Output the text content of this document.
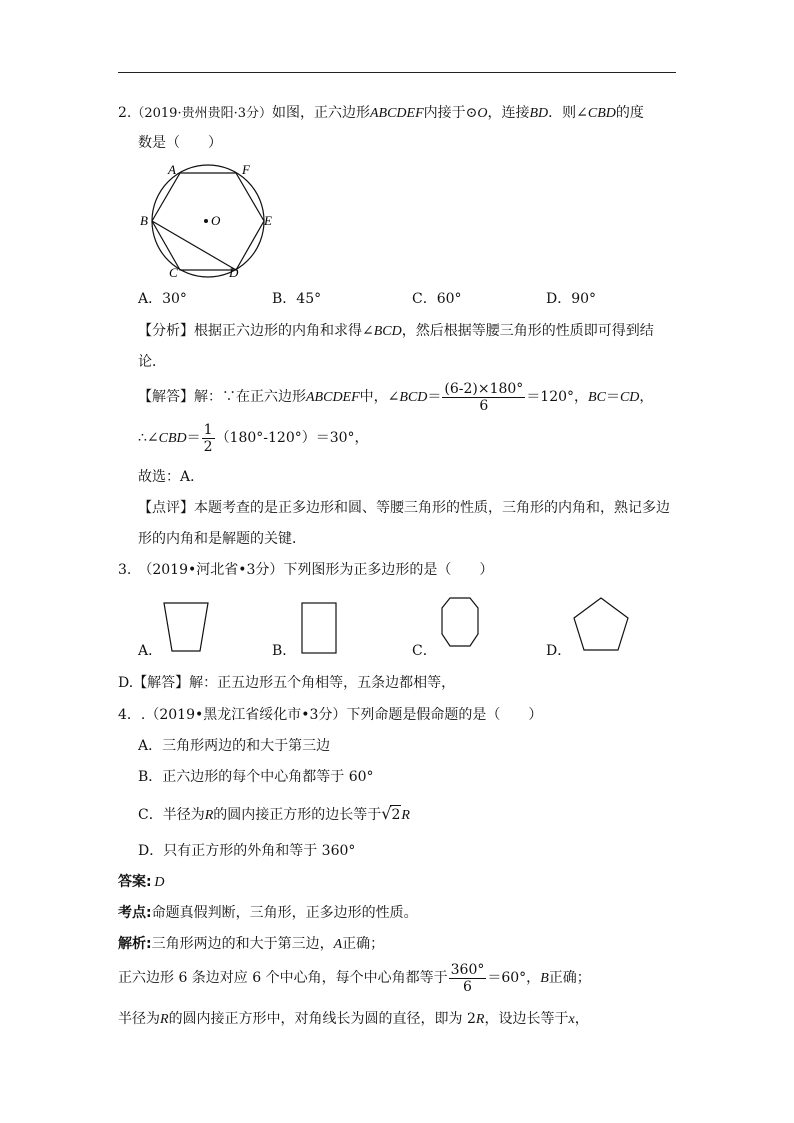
2.（2019·贵州贵阳·3分）如图，正六边形ABCDEF内接于⊙O，连接BD．则∠CBD的度
数是（　　）
A	F
B	O	E
C	D
A．30°	B．45°	C．60°	D．90°
【分析】根据正六边形的内角和求得∠BCD，然后根据等腰三角形的性质即可得到结
论．
【解答】解：∵在正六边形ABCDEF中，∠BCD＝ $\frac{(6-2)\times 180^\circ}{6} =120^\circ$，BC＝CD，
∴∠CBD＝ $\frac{1}{2} (180^\circ-120^\circ)=30^\circ$，
故选：A．
【点评】本题考查的是正多边形和圆、等腰三角形的性质，三角形的内角和，熟记多边
形的内角和是解题的关键．
3.　（2019•河北省•3分）下列图形为正多边形的是（　　）
A．	B．	C．	D．
D.【解答】解：正五边形五个角相等，五条边都相等，
4．.（2019•黑龙江省绥化市•3分）下列命题是假命题的是（　　）
A．三角形两边的和大于第三边
B．正六边形的每个中心角都等于 60°
C．半径为R的圆内接正方形的边长等于√2R
D．只有正方形的外角和等于 360°
答案:  D
考点:命题真假判断，三角形，正多边形的性质。
解析:三角形两边的和大于第三边，A正确；
正六边形 6 条边对应 6 个中心角，每个中心角都等于 $\frac{360^\circ}{6} =60^\circ$，B正确；
半径为R的圆内接正方形中，对角线长为圆的直径，即为 2R，设边长等于x，
